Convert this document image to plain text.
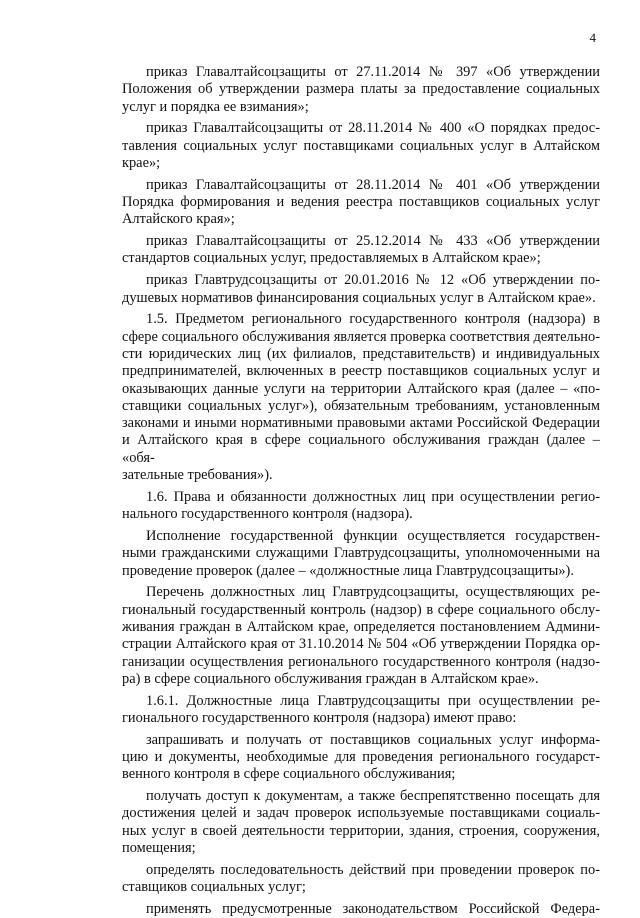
4
приказ Главалтайсоцзащиты от 27.11.2014 № 397 «Об утверждении
Положения об утверждении размера платы за предоставление социальных
услуг и порядка ее взимания»;
приказ Главалтайсоцзащиты от 28.11.2014 № 400 «О порядках предос-
тавления социальных услуг поставщиками социальных услуг в Алтайском
крае»;
приказ Главалтайсоцзащиты от 28.11.2014 № 401 «Об утверждении
Порядка формирования и ведения реестра поставщиков социальных услуг
Алтайского края»;
приказ Главалтайсоцзащиты от 25.12.2014 № 433 «Об утверждении
стандартов социальных услуг, предоставляемых в Алтайском крае»;
приказ Главтрудсоцзащиты от 20.01.2016 № 12 «Об утверждении по-
душевых нормативов финансирования социальных услуг в Алтайском крае».
1.5. Предметом регионального государственного контроля (надзора) в
сфере социального обслуживания является проверка соответствия деятельно-
сти юридических лиц (их филиалов, представительств) и индивидуальных
предпринимателей, включенных в реестр поставщиков социальных услуг и
оказывающих данные услуги на территории Алтайского края (далее – «по-
ставщики социальных услуг»), обязательным требованиям, установленным
законами и иными нормативными правовыми актами Российской Федерации
и Алтайского края в сфере социального обслуживания граждан (далее – «обя-
зательные требования»).
1.6. Права и обязанности должностных лиц при осуществлении регио-
нального государственного контроля (надзора).
Исполнение государственной функции осуществляется государствен-
ными гражданскими служащими Главтрудсоцзащиты, уполномоченными на
проведение проверок (далее – «должностные лица Главтрудсоцзащиты»).
Перечень должностных лиц Главтрудсоцзащиты, осуществляющих ре-
гиональный государственный контроль (надзор) в сфере социального обслу-
живания граждан в Алтайском крае, определяется постановлением Админи-
страции Алтайского края от 31.10.2014 № 504 «Об утверждении Порядка ор-
ганизации осуществления регионального государственного контроля (надзо-
ра) в сфере социального обслуживания граждан в Алтайском крае».
1.6.1. Должностные лица Главтрудсоцзащиты при осуществлении ре-
гионального государственного контроля (надзора) имеют право:
запрашивать и получать от поставщиков социальных услуг информа-
цию и документы, необходимые для проведения регионального государст-
венного контроля в сфере социального обслуживания;
получать доступ к документам, а также беспрепятственно посещать для
достижения целей и задач проверок используемые поставщиками социаль-
ных услуг в своей деятельности территории, здания, строения, сооружения,
помещения;
определять последовательность действий при проведении проверок по-
ставщиков социальных услуг;
применять предусмотренные законодательством Российской Федера-
